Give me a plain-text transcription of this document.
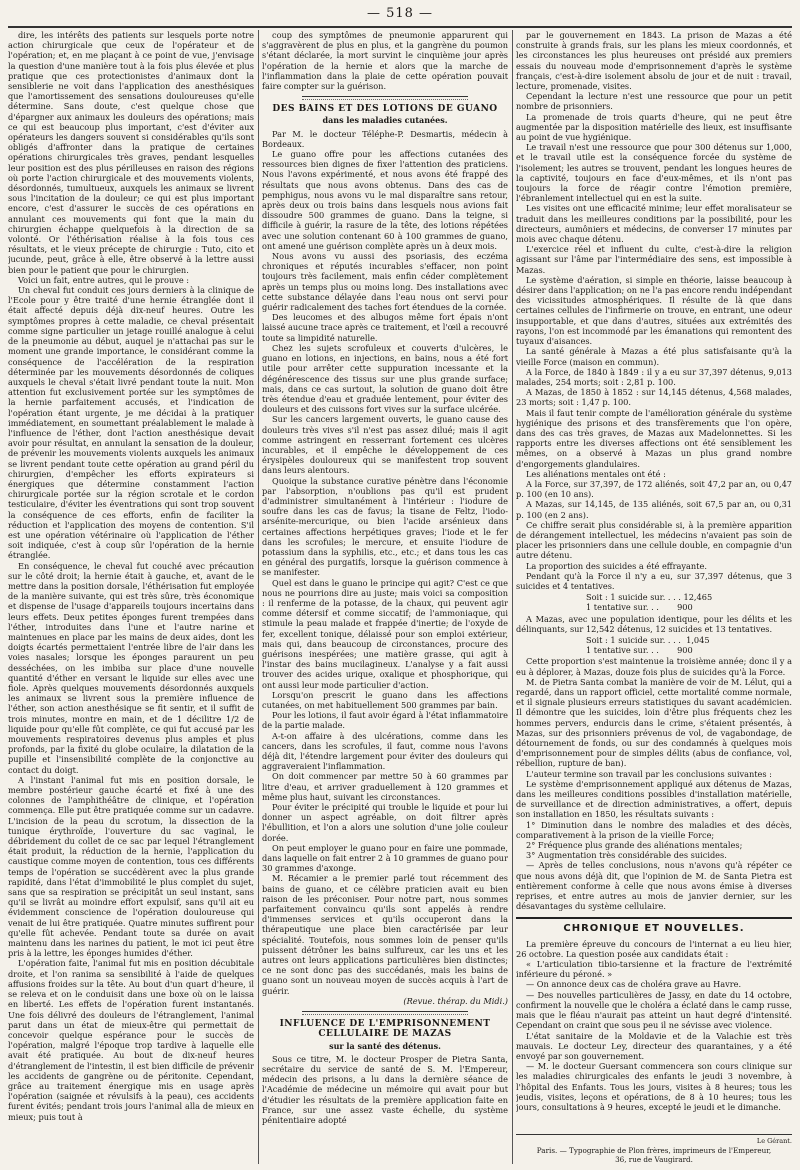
— 518 —

dire, les intérêts des patients sur lesquels porte notre action chirurgicale que ceux de l'opérateur et de l'opération; et, en me plaçant à ce point de vue, j'envisage la question d'une manière tout à la fois plus élevée et plus pratique que ces protectionistes d'animaux dont la sensiblerie ne voit dans l'application des anesthésiques que l'amortissement des sensations douloureuses qu'elle détermine. Sans doute, c'est quelque chose que d'épargner aux animaux les douleurs des opérations; mais ce qui est beaucoup plus important, c'est d'éviter aux opérateurs les dangers souvent si considérables qu'ils sont obligés d'affronter dans la pratique de certaines opérations chirurgicales très graves, pendant lesquelles leur position est des plus périlleuses en raison des régions où porte l'action chirurgicale et des mouvements violents, désordonnés, tumultueux, auxquels les animaux se livrent sous l'incitation de la douleur; ce qui est plus important encore, c'est d'assurer le succès de ces opérations en annulant ces mouvements qui font que la main du chirurgien échappe quelquefois à la direction de sa volonté. Or l'éthérisation réalise à la fois tous ces résultats, et le vieux précepte de chirurgie : Tuto, cito et jucunde, peut, grâce à elle, être observé à la lettre aussi bien pour le patient que pour le chirurgien.

Voici un fait, entre autres, qui le prouve :

Un cheval fut conduit ces jours derniers à la clinique de l'Ecole pour y être traité d'une hernie étranglée dont il était affecté depuis déjà dix-neuf heures. Outre les symptômes propres à cette maladie, ce cheval présentait comme signe particulier un jetage rouillé analogue à celui de la pneumonie au début, auquel je n'attachai pas sur le moment une grande importance, le considérant comme la conséquence de l'accélération de la respiration déterminée par les mouvements désordonnés de coliques auxquels le cheval s'était livré pendant toute la nuit. Mon attention fut exclusivement portée sur les symptômes de la hernie parfaitement accusés, et l'indication de l'opération étant urgente, je me décidai à la pratiquer immédiatement, en soumettant préalablement le malade à l'influence de l'éther, dont l'action anesthésique devait avoir pour résultat, en annulant la sensation de la douleur, de prévenir les mouvements violents auxquels les animaux se livrent pendant toute cette opération au grand péril du chirurgien, d'empêcher les efforts expirateurs si énergiques que détermine constamment l'action chirurgicale portée sur la région scrotale et le cordon testiculaire, d'éviter les éventrations qui sont trop souvent la conséquence de ces efforts, enfin de faciliter la réduction et l'application des moyens de contention. S'il est une opération vétérinaire où l'application de l'éther soit indiquée, c'est à coup sûr l'opération de la hernie étranglée.

En conséquence, le cheval fut couché avec précaution sur le côté droit; la hernie était à gauche, et, avant de le mettre dans la position dorsale, l'éthérisation fut employée de la manière suivante, qui est très sûre, très économique et dispense de l'usage d'appareils toujours incertains dans leurs effets. Deux petites éponges furent trempées dans l'éther, introduites dans l'une et l'autre narine et maintenues en place par les mains de deux aides, dont les doigts écartés permettaient l'entrée libre de l'air dans les voies nasales; lorsque les éponges paraurent un peu desséchées, on les imbiba sur place d'une nouvelle quantité d'éther en versant le liquide sur elles avec une fiole. Après quelques mouvements désordonnés auxquels les animaux se livrent sous la première influence de l'éther, son action anesthésique se fit sentir, et il suffit de trois minutes, montre en main, et de 1 décilitre 1/2 de liquide pour qu'elle fût complète, ce qui fut accusé par les mouvements respiratoires devenus plus amples et plus profonds, par la fixité du globe oculaire, la dilatation de la pupille et l'insensibilité complète de la conjonctive au contact du doigt.

A l'instant l'animal fut mis en position dorsale, le membre postérieur gauche écarté et fixé à une des colonnes de l'amphithéâtre de clinique, et l'opération commença. Elle put être pratiquée comme sur un cadavre. L'incision de la peau du scrotum, la dissection de la tunique érythroïde, l'ouverture du sac vaginal, le débridement du collet de ce sac par lequel l'étranglement était produit, la réduction de la hernie, l'application du caustique comme moyen de contention, tous ces différents temps de l'opération se succédèrent avec la plus grande rapidité, dans l'état d'immobilité le plus complet du sujet, sans que sa respiration se précipitât un seul instant, sans qu'il se livrât au moindre effort expulsif, sans qu'il ait eu évidemment conscience de l'opération douloureuse qui venait de lui être pratiquée. Quatre minutes suffirent pour qu'elle fût achevée. Pendant toute sa durée on avait maintenu dans les narines du patient, le mot ici peut être pris à la lettre, les éponges humides d'éther.

L'opération faite, l'animal fut mis en position décubitale droite, et l'on ranima sa sensibilité à l'aide de quelques affusions froides sur la tête. Au bout d'un quart d'heure, il se releva et on le conduisit dans une boxe où on le laissa en liberté. Les effets de l'opération furent instantanés. Une fois délivré des douleurs de l'étranglement, l'animal parut dans un état de mieux-être qui permettait de concevoir quelque espérance pour le succès de l'opération, malgré l'époque trop tardive à laquelle elle avait été pratiquée. Au bout de dix-neuf heures d'étranglement de l'intestin, il est bien difficile de prévenir les accidents de gangrène ou de péritonite. Cependant, grâce au traitement énergique mis en usage après l'opération (saignée et révulsifs à la peau), ces accidents furent évités; pendant trois jours l'animal alla de mieux en mieux; puis tout à

coup des symptômes de pneumonie apparurent qui s'aggravèrent de plus en plus, et la gangrène du poumon s'étant déclarée, la mort survint le cinquième jour après l'opération de la hernie et alors que la marche de l'inflammation dans la plaie de cette opération pouvait faire compter sur la guérison.

DES BAINS ET DES LOTIONS DE GUANO
dans les maladies cutanées.

Par M. le docteur Téléphe-P. Desmartis, médecin à Bordeaux.

Le guano offre pour les affections cutanées des ressources bien dignes de fixer l'attention des praticiens. Nous l'avons expérimenté, et nous avons été frappé des résultats que nous avons obtenus. Dans des cas de pemphigus, nous avons vu le mal disparaître sans retour, après deux ou trois bains dans lesquels nous avions fait dissoudre 500 grammes de guano. Dans la teigne, si difficile à guérir, la rasure de la tête, des lotions répétées avec une solution contenant 60 à 100 grammes de guano, ont amené une guérison complète après un à deux mois.

Nous avons vu aussi des psoriasis, des eczéma chroniques et réputés incurables s'effacer, non point toujours très facilement, mais enfin céder complètement après un temps plus ou moins long. Des installations avec cette substance délayée dans l'eau nous ont servi pour guérir radicalement des taches fort étendues de la cornée.

Des leucomes et des albugos même fort épais n'ont laissé aucune trace après ce traitement, et l'œil a recouvré toute sa limpidité naturelle.

Chez les sujets scrofuleux et couverts d'ulcères, le guano en lotions, en injections, en bains, nous a été fort utile pour arrêter cette suppuration incessante et la dégénérescence des tissus sur une plus grande surface; mais, dans ce cas surtout, la solution de guano doit être très étendue d'eau et graduée lentement, pour éviter des douleurs et des cuissons fort vives sur la surface ulcérée.

Sur les cancers largement ouverts, le guano cause des douleurs très vives s'il n'est pas assez dilué; mais il agit comme astringent en resserrant fortement ces ulcères incurables, et il empêche le développement de ces érysipèles douloureux qui se manifestent trop souvent dans leurs alentours.

Quoique la substance curative pénètre dans l'économie par l'absorption, n'oublions pas qu'il est prudent d'administrer simultanément à l'intérieur : l'iodure de soufre dans les cas de favus; la tisane de Feltz, l'iodo-arsénite-mercurique, ou bien l'acide arsénieux dans certaines affections herpétiques graves; l'iode et le fer dans les scrofules; le mercure, et ensuite l'iodure de potassium dans la syphilis, etc., etc.; et dans tous les cas en général des purgatifs, lorsque la guérison commence à se manifester.

Quel est dans le guano le principe qui agit? C'est ce que nous ne pourrions dire au juste; mais voici sa composition : il renferme de la potasse, de la chaux, qui peuvent agir comme détersif et comme siccatif; de l'ammoniaque, qui stimule la peau malade et frappée d'inertie; de l'oxyde de fer, excellent tonique, délaissé pour son emploi extérieur, mais qui, dans beaucoup de circonstances, procure des guérisons inespérées; une matière grasse, qui agit à l'instar des bains mucilagineux. L'analyse y a fait aussi trouver des acides urique, oxalique et phosphorique, qui ont aussi leur mode particulier d'action.

Lorsqu'on prescrit le guano dans les affections cutanées, on met habituellement 500 grammes par bain.

Pour les lotions, il faut avoir égard à l'état inflammatoire de la partie malade.

A-t-on affaire à des ulcérations, comme dans les cancers, dans les scrofules, il faut, comme nous l'avons déjà dit, l'étendre largement pour éviter des douleurs qui aggraveraient l'inflammation.

On doit commencer par mettre 50 à 60 grammes par litre d'eau, et arriver graduellement à 120 grammes et même plus haut, suivant les circonstances.

Pour éviter le précipité qui trouble le liquide et pour lui donner un aspect agréable, on doit filtrer après l'ébullition, et l'on a alors une solution d'une jolie couleur dorée.

On peut employer le guano pour en faire une pommade, dans laquelle on fait entrer 2 à 10 grammes de guano pour 30 grammes d'axonge.

M. Récamier a le premier parlé tout récemment des bains de guano, et ce célèbre praticien avait eu bien raison de les préconiser. Pour notre part, nous sommes parfaitement convaincu qu'ils sont appelés à rendre d'immenses services et qu'ils occuperont dans la thérapeutique une place bien caractérisée par leur spécialité. Toutefois, nous sommes loin de penser qu'ils puissent détrôner les bains sulfureux, car les uns et les autres ont leurs applications particulières bien distinctes; ce ne sont donc pas des succédanés, mais les bains de guano sont un nouveau moyen de succès acquis à l'art de guérir.

(Revue. thérap. du Midi.)
INFLUENCE DE L'EMPRISONNEMENT CELLULAIRE DE MAZAS
sur la santé des détenus.

Sous ce titre, M. le docteur Prosper de Pietra Santa, secrétaire du service de santé de S. M. l'Empereur, médecin des prisons, a lu dans la dernière séance de l'Académie de médecine un mémoire qui avait pour but d'étudier les résultats de la première application faite en France, sur une assez vaste échelle, du système pénitentiaire adopté

par le gouvernement en 1843. La prison de Mazas a été construite à grands frais, sur les plans les mieux coordonnés, et les circonstances les plus heureuses ont présidé aux premiers essais du nouveau mode d'emprisonnement d'après le système français, c'est-à-dire isolement absolu de jour et de nuit : travail, lecture, promenade, visites.

Cependant la lecture n'est une ressource que pour un petit nombre de prisonniers.

La promenade de trois quarts d'heure, qui ne peut être augmentée par la disposition matérielle des lieux, est insuffisante au point de vue hygiénique.

Le travail n'est une ressource que pour 300 détenus sur 1,000, et le travail utile est la conséquence forcée du système de l'isolement; les autres se trouvent, pendant les longues heures de la captivité, toujours en face d'eux-mêmes, et ils n'ont pas toujours la force de réagir contre l'émotion première, l'ébranlement intellectuel qui en est la suite.

Les visites ont une efficacité minime; leur effet moralisateur se traduit dans les meilleures conditions par la possibilité, pour les directeurs, aumôniers et médecins, de converser 17 minutes par mois avec chaque détenu.

L'exercice réel et influent du culte, c'est-à-dire la religion agissant sur l'âme par l'intermédiaire des sens, est impossible à Mazas.

Le système d'aération, si simple en théorie, laisse beaucoup à désirer dans l'application; on ne l'a pas encore rendu indépendant des vicissitudes atmosphériques. Il résulte de là que dans certaines cellules de l'infirmerie on trouve, en entrant, une odeur insupportable, et que dans d'autres, situées aux extrémités des rayons, l'on est incommodé par les émanations qui remontent des tuyaux d'aisances.

La santé générale à Mazas a été plus satisfaisante qu'à la vieille Force (maison en commun).

A la Force, de 1840 à 1849 : il y a eu sur 37,397 détenus, 9,013 malades, 254 morts; soit : 2,81 p. 100.

A Mazas, de 1850 à 1852 : sur 14,145 détenus, 4,568 malades, 23 morts; soit : 1,47 p. 100.

Mais il faut tenir compte de l'amélioration générale du système hygiénique des prisons et des transfèrements que l'on opère, dans des cas très graves, de Mazas aux Madelonnettes. Si les rapports entre les diverses affections ont été sensiblement les mêmes, on a observé à Mazas un plus grand nombre d'engorgements glandulaires.

Les aliénations mentales ont été :

A la Force, sur 37,397, de 172 aliénés, soit 47,2 par an, ou 0,47 p. 100 (en 10 ans).

A Mazas, sur 14,145, de 135 aliénés, soit 67,5 par an, ou 0,31 p. 100 (en 2 ans).

Ce chiffre serait plus considérable si, à la première apparition de dérangement intellectuel, les médecins n'avaient pas soin de placer les prisonniers dans une cellule double, en compagnie d'un autre détenu.

La proportion des suicides a été effrayante.

Pendant qu'à la Force il n'y a eu, sur 37,397 détenus, que 3 suicides et 4 tentatives.

Soit : 1 suicide sur. . . . 12,465
1 tentative sur. . .       900

A Mazas, avec une population identique, pour les délits et les délinquants, sur 12,542 détenus, 12 suicides et 13 tentatives.

Soit : 1 suicide sur. . . .  1,045
1 tentative sur. . .       900

Cette proportion s'est maintenue la troisième année; donc il y a eu à déplorer, à Mazas, douze fois plus de suicides qu'à la Force.

M. de Pietra Santa combat la manière de voir de M. Lélut, qui a regardé, dans un rapport officiel, cette mortalité comme normale, et il signale plusieurs erreurs statistiques du savant académicien. Il démontre que les suicides, loin d'être plus fréquents chez les hommes pervers, endurcis dans le crime, s'étaient présentés, à Mazas, sur des prisonniers prévenus de vol, de vagabondage, de détournement de fonds, ou sur des condamnés à quelques mois d'emprisonnement pour de simples délits (abus de confiance, vol, rébellion, rupture de ban).

L'auteur termine son travail par les conclusions suivantes :

Le système d'emprisonnement appliqué aux détenus de Mazas, dans les meilleures conditions possibles d'installation matérielle, de surveillance et de direction administratives, a offert, depuis son installation en 1850, les résultats suivants :

1° Diminution dans le nombre des maladies et des décès, comparativement à la prison de la vieille Force;

2° Fréquence plus grande des aliénations mentales;

3° Augmentation très considérable des suicides.

— Après de telles conclusions, nous n'avons qu'à répéter ce que nous avons déjà dit, que l'opinion de M. de Santa Pietra est entièrement conforme à celle que nous avons émise à diverses reprises, et entre autres au mois de janvier dernier, sur les désavantages du système cellulaire.

CHRONIQUE ET NOUVELLES.

La première épreuve du concours de l'internat a eu lieu hier, 26 octobre. La question posée aux candidats était :

« L'articulation tibio-tarsienne et la fracture de l'extrémité inférieure du péroné. »

— On annonce deux cas de choléra grave au Havre.

— Des nouvelles particulières de Jassy, en date du 14 octobre, confirment la nouvelle que le choléra a éclaté dans le camp russe, mais que le fléau n'aurait pas atteint un haut degré d'intensité. Cependant on craint que sous peu il ne sévisse avec violence.

L'état sanitaire de la Moldavie et de la Valachie est très mauvais. Le docteur Ley, directeur des quarantaines, y a été envoyé par son gouvernement.

— M. le docteur Guersant commencera son cours clinique sur les maladies chirurgicales des enfants le jeudi 3 novembre, à l'hôpital des Enfants. Tous les jours, visites à 8 heures; tous les jeudis, visites, leçons et opérations, de 8 à 10 heures; tous les jours, consultations à 9 heures, excepté le jeudi et le dimanche.

Le Gérant.
Paris. — Typographie de Plon frères, imprimeurs de l'Empereur,
36, rue de Vaugirard.
